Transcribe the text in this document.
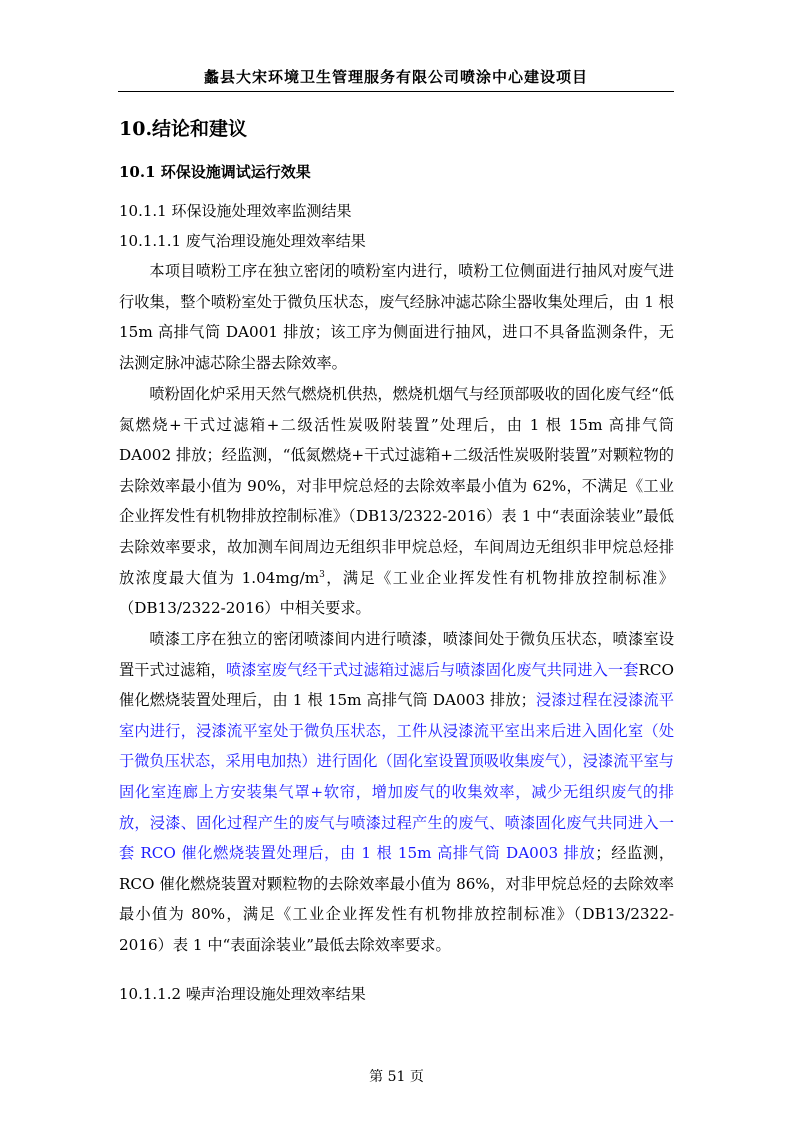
蠡县大宋环境卫生管理服务有限公司喷涂中心建设项目
10.结论和建议
10.1 环保设施调试运行效果
10.1.1 环保设施处理效率监测结果
10.1.1.1 废气治理设施处理效率结果

本项目喷粉工序在独立密闭的喷粉室内进行，喷粉工位侧面进行抽风对废气进行收集，整个喷粉室处于微负压状态，废气经脉冲滤芯除尘器收集处理后，由 1 根 15m 高排气筒 DA001 排放；该工序为侧面进行抽风，进口不具备监测条件，无法测定脉冲滤芯除尘器去除效率。

喷粉固化炉采用天然气燃烧机供热，燃烧机烟气与经顶部吸收的固化废气经“低氮燃烧+干式过滤箱+二级活性炭吸附装置”处理后，由 1 根 15m 高排气筒 DA002 排放；经监测，“低氮燃烧+干式过滤箱+二级活性炭吸附装置”对颗粒物的去除效率最小值为 90%，对非甲烷总烃的去除效率最小值为 62%，不满足《工业企业挥发性有机物排放控制标准》（DB13/2322-2016）表 1 中“表面涂装业”最低去除效率要求，故加测车间周边无组织非甲烷总烃，车间周边无组织非甲烷总烃排放浓度最大值为 $1.04mg/m^3$，满足《工业企业挥发性有机物排放控制标准》（DB13/2322-2016）中相关要求。

喷漆工序在独立的密闭喷漆间内进行喷漆，喷漆间处于微负压状态，喷漆室设置干式过滤箱，喷漆室废气经干式过滤箱过滤后与喷漆固化废气共同进入一套RCO 催化燃烧装置处理后，由 1 根 15m 高排气筒 DA003 排放；浸漆过程在浸漆流平室内进行，浸漆流平室处于微负压状态，工件从浸漆流平室出来后进入固化室（处于微负压状态，采用电加热）进行固化（固化室设置顶吸收集废气），浸漆流平室与固化室连廊上方安装集气罩+软帘，增加废气的收集效率，减少无组织废气的排放，浸漆、固化过程产生的废气与喷漆过程产生的废气、喷漆固化废气共同进入一套 RCO 催化燃烧装置处理后，由 1 根 15m 高排气筒 DA003 排放；经监测，RCO 催化燃烧装置对颗粒物的去除效率最小值为 86%，对非甲烷总烃的去除效率最小值为 80%，满足《工业企业挥发性有机物排放控制标准》（DB13/2322-2016）表 1 中“表面涂装业”最低去除效率要求。

10.1.1.2 噪声治理设施处理效率结果
第 51 页
